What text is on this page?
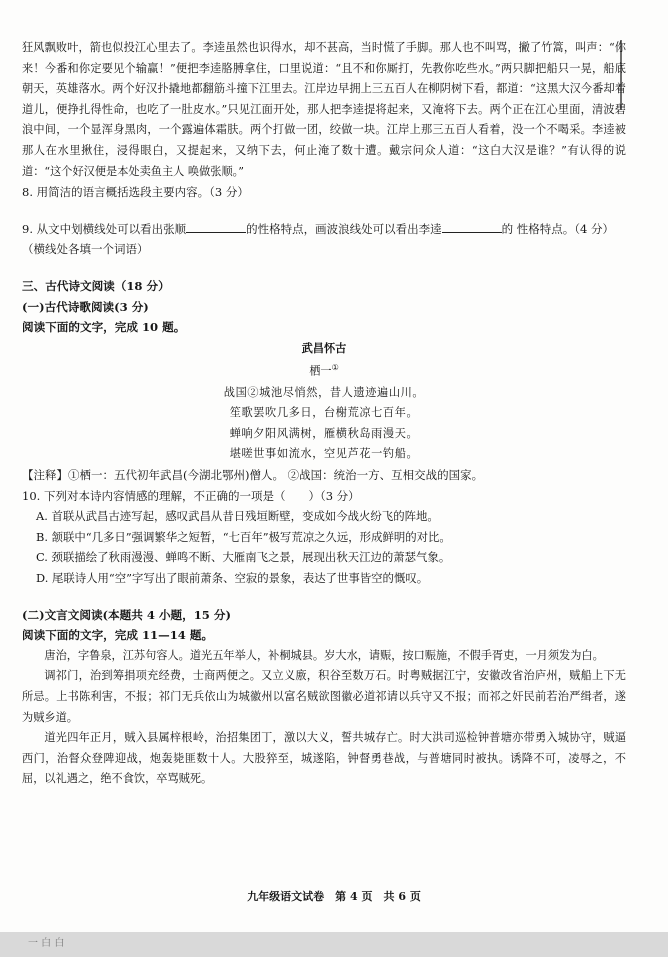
狂风飘败叶，箭也似投江心里去了。李逵虽然也识得水，却不甚高，当时慌了手脚。那人也不叫骂，撇了竹篙，叫声：“你来！今番和你定要见个输赢！”便把李逵胳膊拿住，口里说道：“且不和你厮打，先教你吃些水。”两只脚把船只一晃，船底朝天，英雄落水。两个好汉扑撬地都翻筋斗撞下江里去。江岸边早拥上三五百人在柳阴树下看，都道：“这黑大汉今番却着道儿，便挣扎得性命，也吃了一肚皮水。”只见江面开处，那人把李逵提将起来，又淹将下去。两个正在江心里面，清波碧浪中间，一个显浑身黑肉，一个露遍体霜肤。两个打做一团，绞做一块。江岸上那三五百人看着，没一个不喝采。李逵被那人在水里揪住，浸得眼白，又提起来，又纳下去，何止淹了数十遭。戴宗问众人道：“这白大汉是谁？”有认得的说道：“这个好汉便是本处卖鱼主人 唤做张顺。”

8. 用简洁的语言概括选段主要内容。（3 分）

9. 从文中划横线处可以看出张顺	的性格特点，画波浪线处可以看出李逵	的 性格特点。（4 分）（横线处各填一个词语）

三、古代诗文阅读（18 分）

(一)古代诗歌阅读(3 分)

阅读下面的文字，完成 10 题。

武昌怀古
栖一①
战国②城池尽悄然，昔人遗迹遍山川。
笙歌罢吹几多日，台榭荒凉七百年。
蝉响夕阳风满树，雁横秋岛雨漫天。
堪嗟世事如流水，空见芦花一钓船。

【注释】①栖一：五代初年武昌(今湖北鄂州)僧人。 ②战国：统治一方、互相交战的国家。

10. 下列对本诗内容情感的理解，不正确的一项是（　　）（3 分）

A. 首联从武昌古迹写起，感叹武昌从昔日残垣断壁，变成如今战火纷飞的阵地。

B. 颔联中“几多日”强调繁华之短暂，“七百年”极写荒凉之久远，形成鲜明的对比。

C. 颈联描绘了秋雨漫漫、蝉鸣不断、大雁南飞之景，展现出秋天江边的萧瑟气象。

D. 尾联诗人用“空”字写出了眼前萧条、空寂的景象，表达了世事皆空的慨叹。

(二)文言文阅读(本题共 4 小题，15 分)

阅读下面的文字，完成 11—14 题。

唐治，字鲁泉，江苏句容人。道光五年举人，补桐城县。岁大水，请赈，按口赈施，不假手胥吏，一月须发为白。

调祁门，治到筹捐项充经费，士商两便之。又立义廒，积谷至数万石。时粤贼据江宁，安徽改省治庐州，贼船上下无所忌。上书陈利害，不报；祁门无兵依山为城徽州以富名贼欲图徽必道祁请以兵守又不报；而祁之奸民前若治严缉者，遂为贼乡道。

道光四年正月，贼入县属梓根岭，治招集团丁，激以大义，誓共城存亡。时大洪司巡检钟普塘亦带勇入城协守，贼逼西门，治督众登陴迎战，炮轰毙匪数十人。大股猝至，城遂陷，钟督勇巷战，与普塘同时被执。诱降不可，凌辱之，不屈，以礼遇之，绝不食饮，卒骂贼死。

九年级语文试卷　第 4 页　共 6 页
一 白 白
